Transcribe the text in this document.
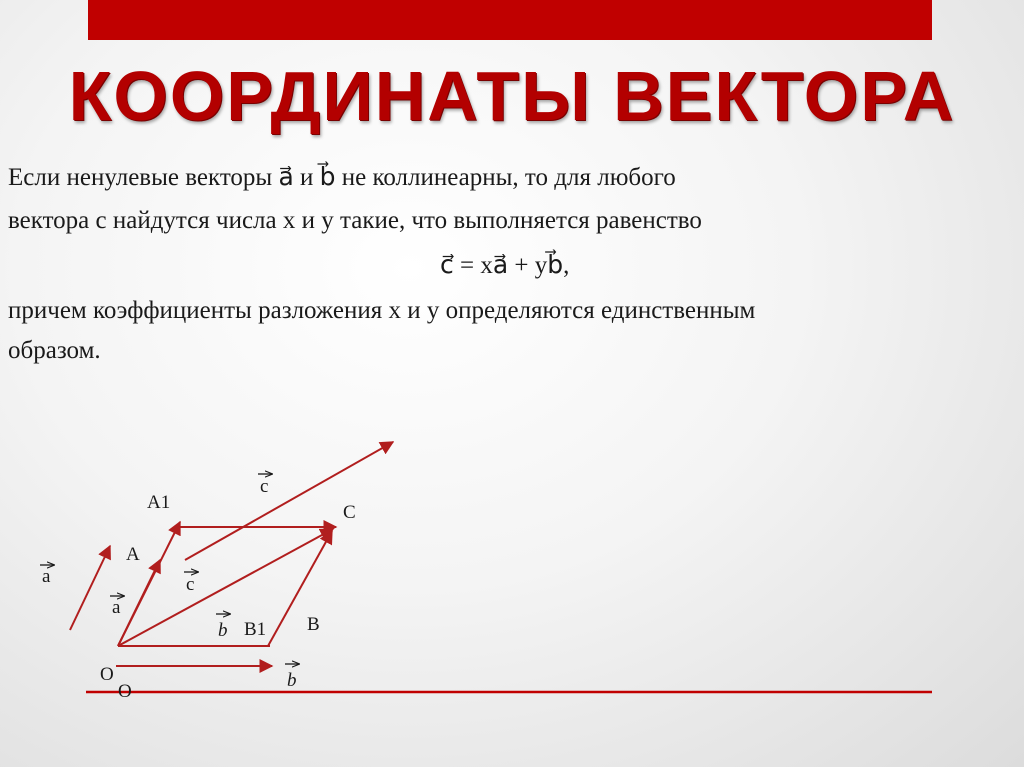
КООРДИНАТЫ ВЕКТОРА
Если ненулевые векторы a⃗ и b⃗ не коллинеарны, то для любого
вектора с найдутся числа х и у такие, что выполняется равенство
c⃗ = xa⃗ + yb⃗,
причем коэффициенты разложения х и у определяются единственным
образом.
A1
A
C
B1 B
O
O
c
c
a
a
b
b
